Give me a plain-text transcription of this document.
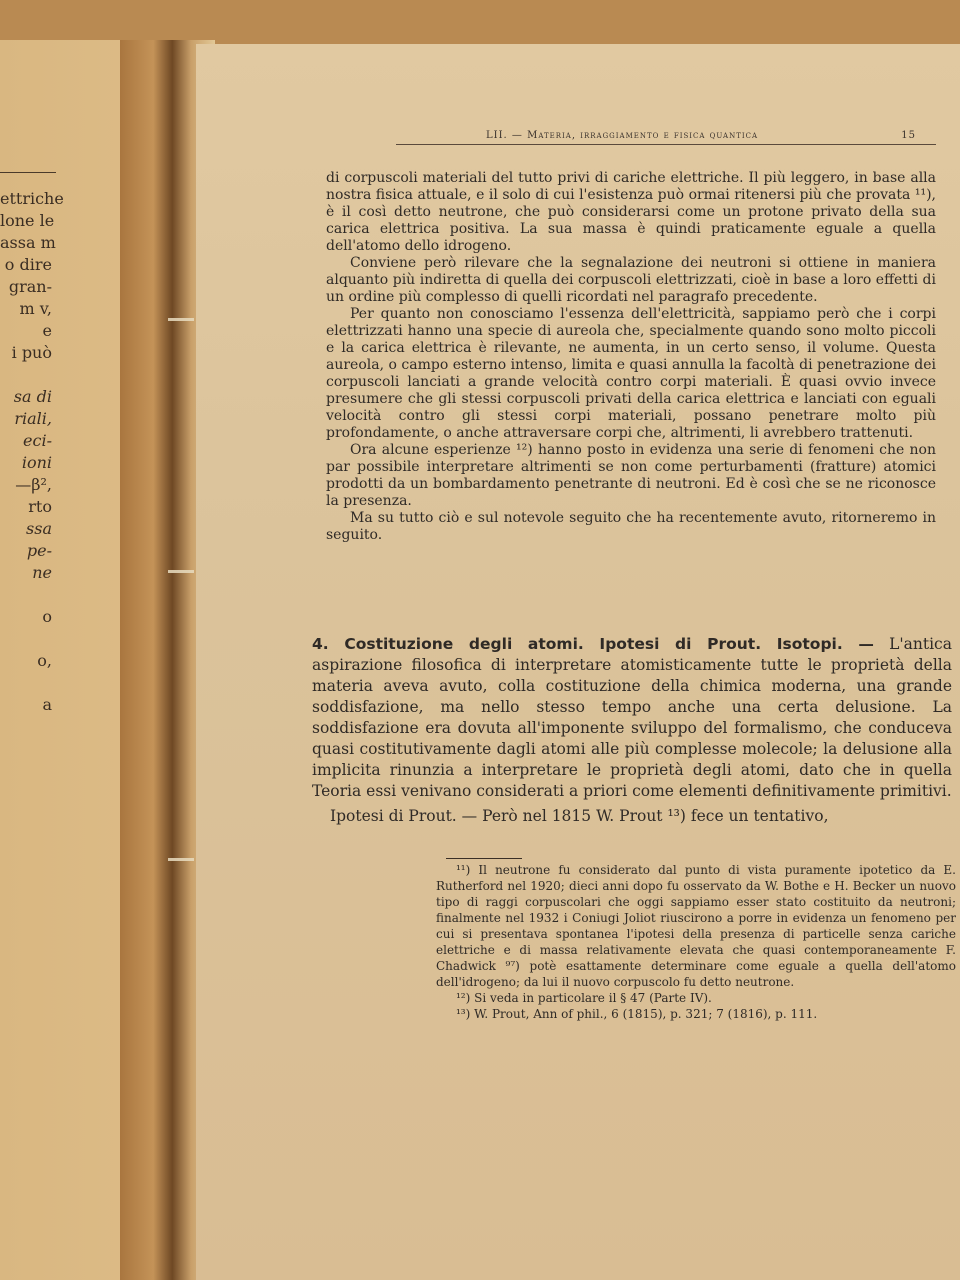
ettriche
lone le
assa m
o dire
gran-
m v,
e
i può

sa di
riali,
eci-
ioni
—β²,
rto
ssa
pe-
ne

o

o,

a
LII. — Materia, irraggiamento e fisica quantica	15

di corpuscoli materiali del tutto privi di cariche elettriche. Il più leggero, in base alla nostra fisica attuale, e il solo di cui l'esistenza può ormai ritenersi più che provata ¹¹), è il così detto neutrone, che può considerarsi come un protone privato della sua carica elettrica positiva. La sua massa è quindi praticamente eguale a quella dell'atomo dello idrogeno.

Conviene però rilevare che la segnalazione dei neutroni si ottiene in maniera alquanto più indiretta di quella dei corpuscoli elettrizzati, cioè in base a loro effetti di un ordine più complesso di quelli ricordati nel paragrafo precedente.

Per quanto non conosciamo l'essenza dell'elettricità, sappiamo però che i corpi elettrizzati hanno una specie di aureola che, specialmente quando sono molto piccoli e la carica elettrica è rilevante, ne aumenta, in un certo senso, il volume. Questa aureola, o campo esterno intenso, limita e quasi annulla la facoltà di penetrazione dei corpuscoli lanciati a grande velocità contro corpi materiali. È quasi ovvio invece presumere che gli stessi corpuscoli privati della carica elettrica e lanciati con eguali velocità contro gli stessi corpi materiali, possano penetrare molto più profondamente, o anche attraversare corpi che, altrimenti, li avrebbero trattenuti.

Ora alcune esperienze ¹²) hanno posto in evidenza una serie di fenomeni che non par possibile interpretare altrimenti se non come perturbamenti (fratture) atomici prodotti da un bombardamento penetrante di neutroni. Ed è così che se ne riconosce la presenza.

Ma su tutto ciò e sul notevole seguito che ha recentemente avuto, ritorneremo in seguito.

4. Costituzione degli atomi. Ipotesi di Prout. Isotopi. — L'antica aspirazione filosofica di interpretare atomisticamente tutte le proprietà della materia aveva avuto, colla costituzione della chimica moderna, una grande soddisfazione, ma nello stesso tempo anche una certa delusione. La soddisfazione era dovuta all'imponente sviluppo del formalismo, che conduceva quasi costitutivamente dagli atomi alle più complesse molecole; la delusione alla implicita rinunzia a interpretare le proprietà degli atomi, dato che in quella Teoria essi venivano considerati a priori come elementi definitivamente primitivi.

Ipotesi di Prout. — Però nel 1815 W. Prout ¹³) fece un tentativo,

¹¹) Il neutrone fu considerato dal punto di vista puramente ipotetico da E. Rutherford nel 1920; dieci anni dopo fu osservato da W. Bothe e H. Becker un nuovo tipo di raggi corpuscolari che oggi sappiamo esser stato costituito da neutroni; finalmente nel 1932 i Coniugi Joliot riuscirono a porre in evidenza un fenomeno per cui si presentava spontanea l'ipotesi della presenza di particelle senza cariche elettriche e di massa relativamente elevata che quasi contemporaneamente F. Chadwick ⁹⁷) potè esattamente determinare come eguale a quella dell'atomo dell'idrogeno; da lui il nuovo corpuscolo fu detto neutrone.

¹²) Si veda in particolare il § 47 (Parte IV).

¹³) W. Prout, Ann of phil., 6 (1815), p. 321; 7 (1816), p. 111.
